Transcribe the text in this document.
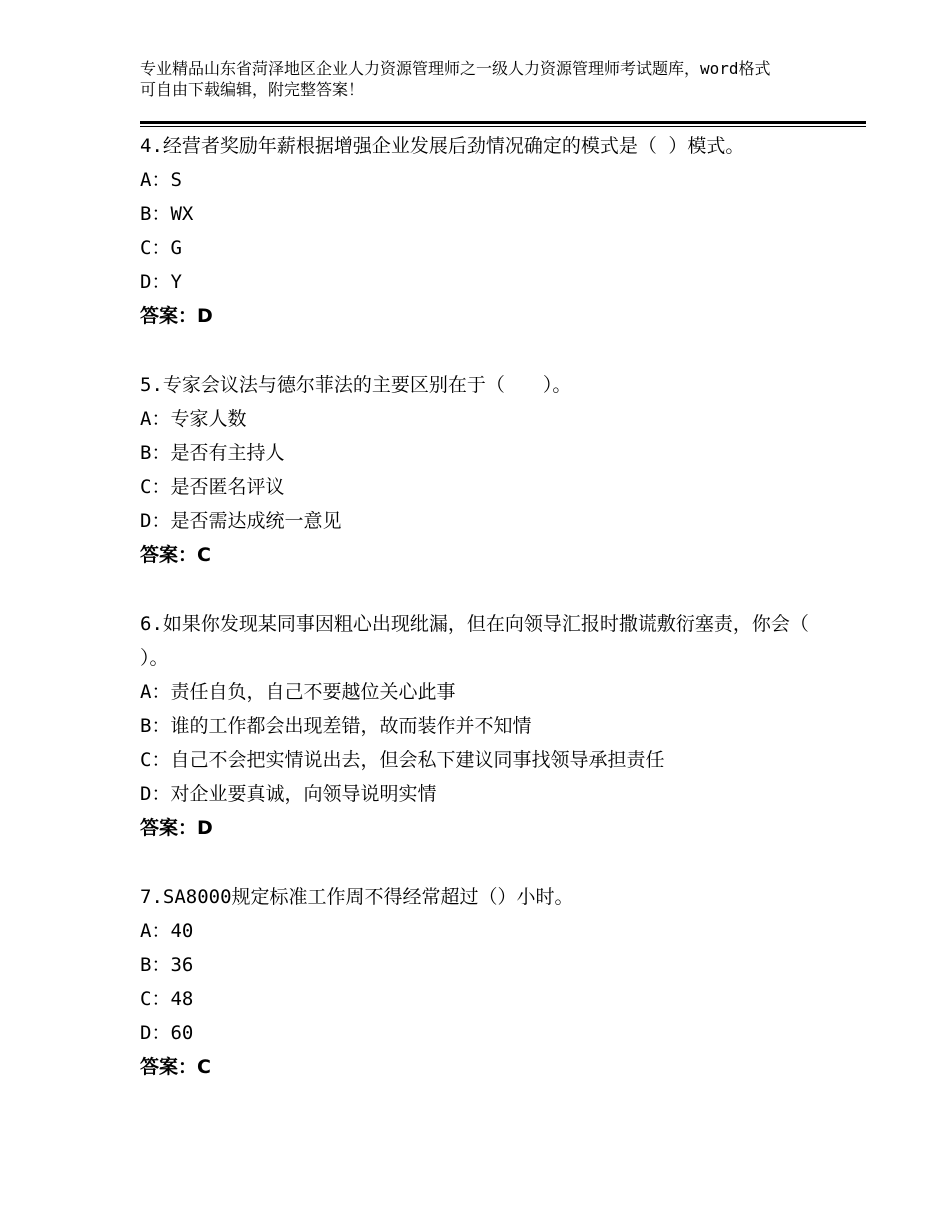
专业精品山东省菏泽地区企业人力资源管理师之一级人力资源管理师考试题库，word格式可自由下载编辑，附完整答案！
4.经营者奖励年薪根据增强企业发展后劲情况确定的模式是（ ）模式。
A：S
B：WX
C：G
D：Y
答案：D
5.专家会议法与德尔菲法的主要区别在于（　　）。
A：专家人数
B：是否有主持人
C：是否匿名评议
D：是否需达成统一意见
答案：C
6.如果你发现某同事因粗心出现纰漏，但在向领导汇报时撒谎敷衍塞责，你会（ ）。
A：责任自负，自己不要越位关心此事
B：谁的工作都会出现差错，故而装作并不知情
C：自己不会把实情说出去，但会私下建议同事找领导承担责任
D：对企业要真诚，向领导说明实情
答案：D
7.SA8000规定标准工作周不得经常超过（）小时。
A：40
B：36
C：48
D：60
答案：C
